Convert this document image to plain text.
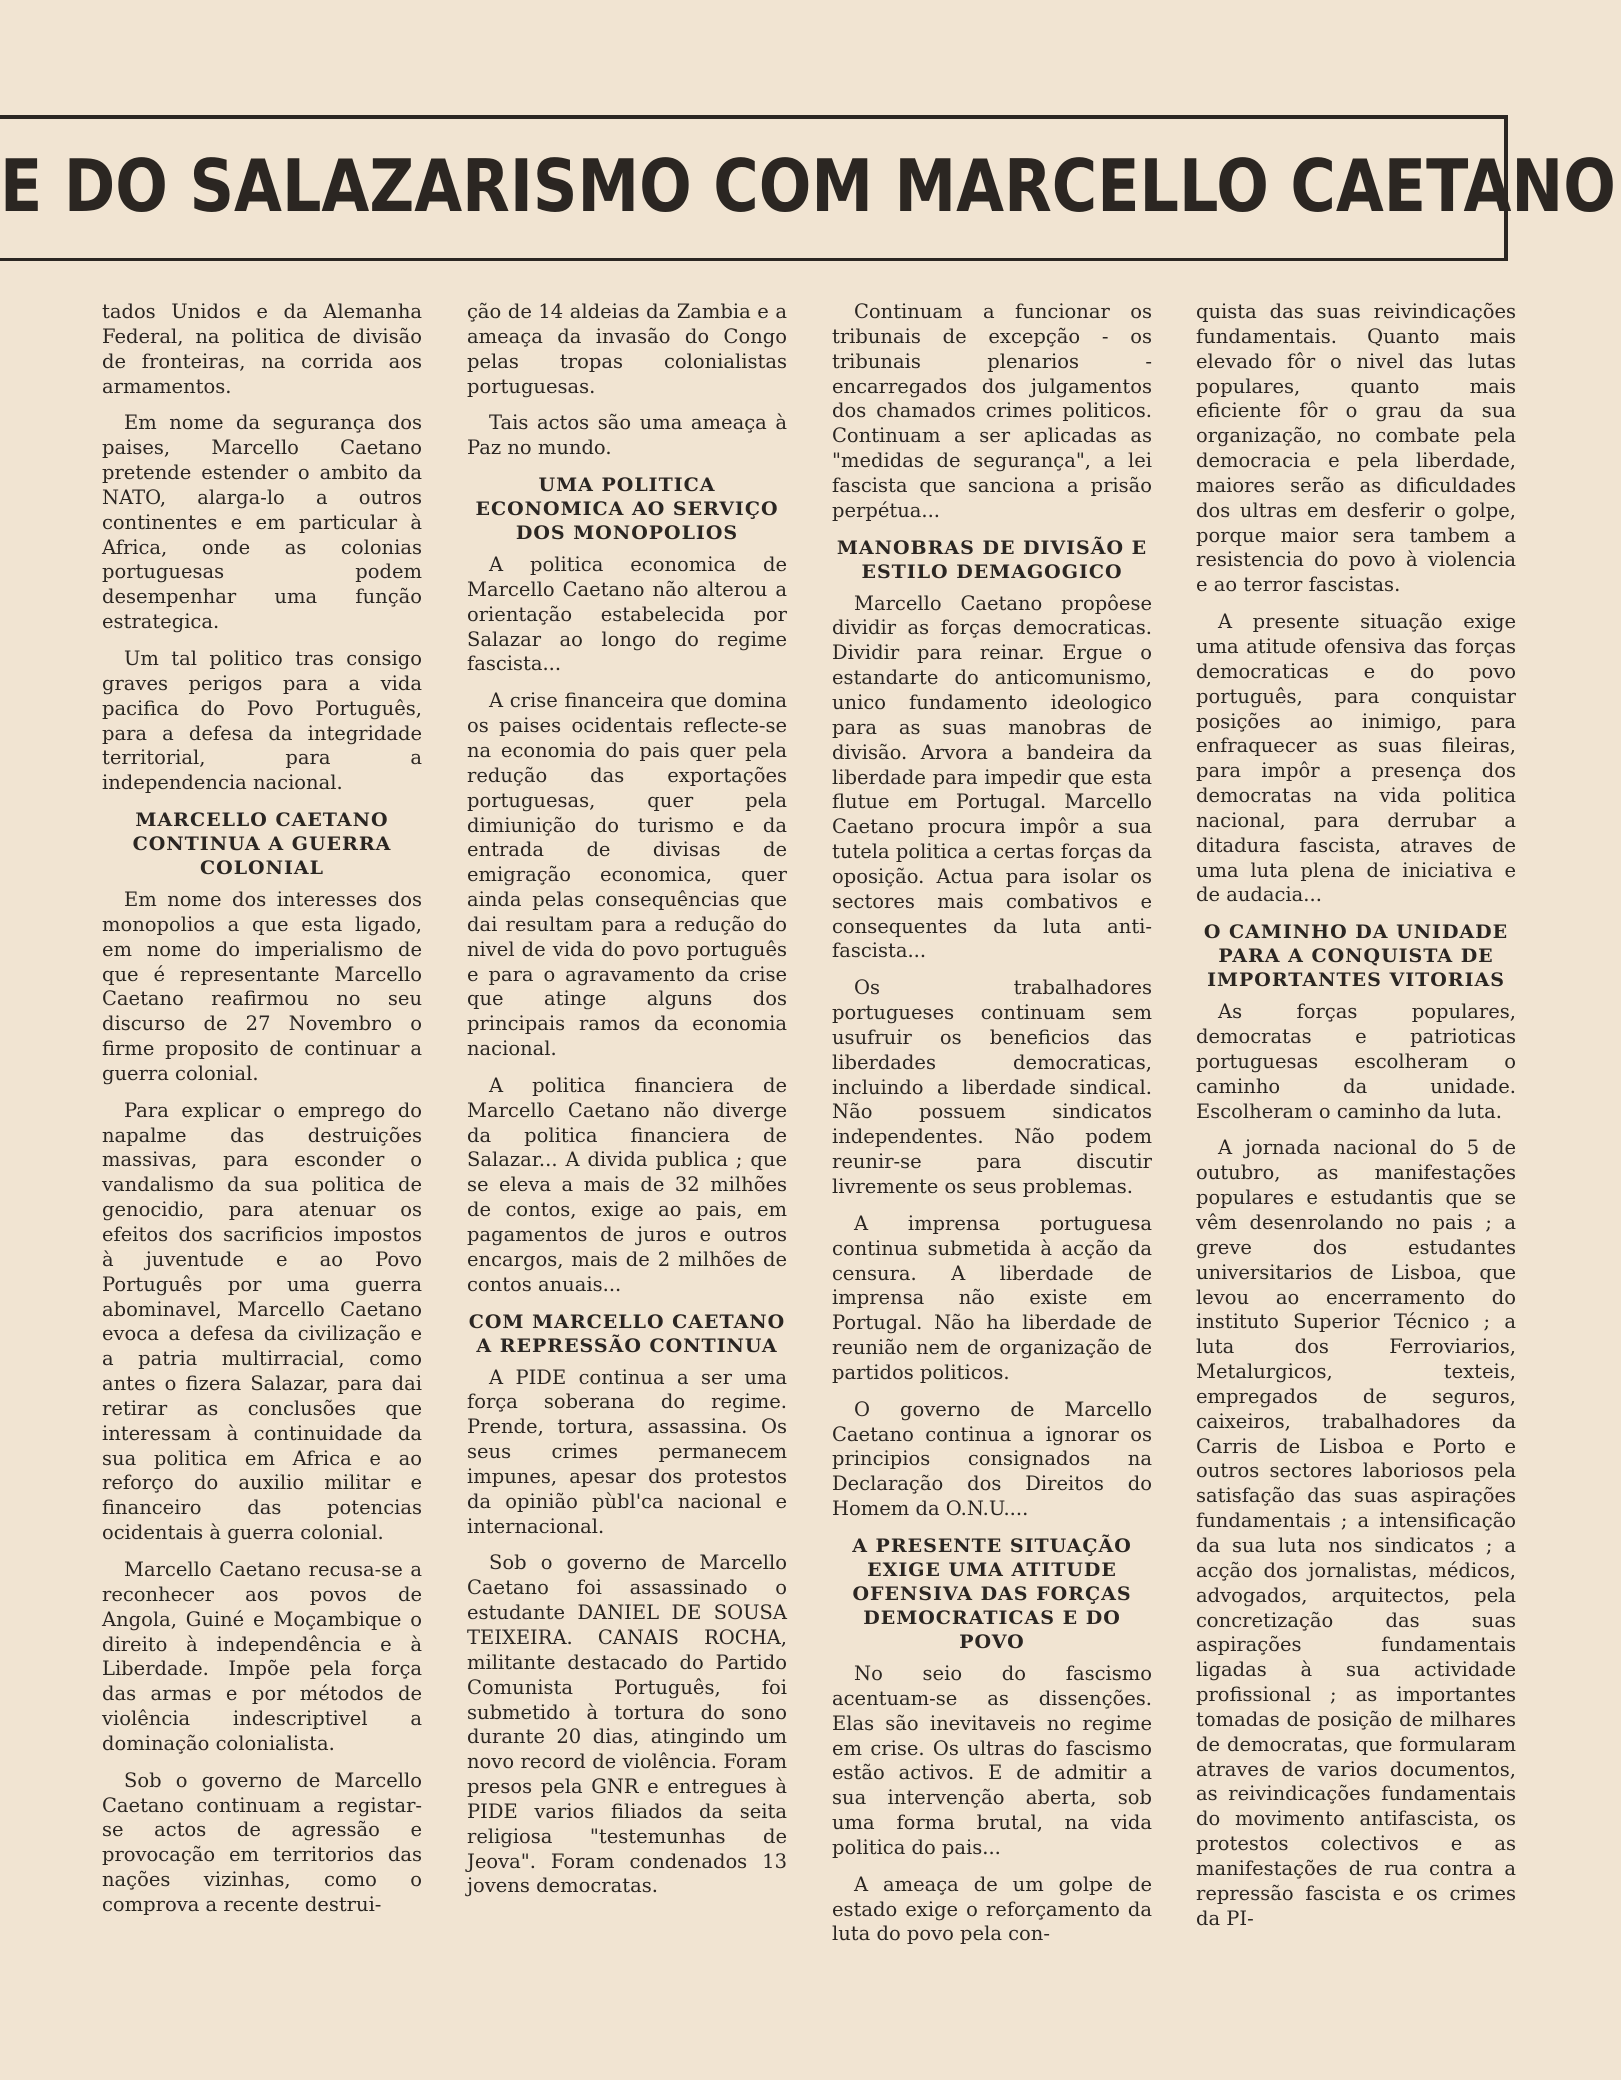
E DO SALAZARISMO COM MARCELLO CAETANO

tados Unidos e da Alemanha Federal, na politica de divisão de fronteiras, na corrida aos armamentos.

Em nome da segurança dos paises, Marcello Caetano pretende estender o ambito da NATO, alarga-lo a outros continentes e em particular à Africa, onde as colonias portuguesas podem desempenhar uma função estrategica.

Um tal politico tras consigo graves perigos para a vida pacifica do Povo Português, para a defesa da integridade territorial, para a independencia nacional.

MARCELLO CAETANO CONTINUA A GUERRA COLONIAL

Em nome dos interesses dos monopolios a que esta ligado, em nome do imperialismo de que é representante Marcello Caetano reafirmou no seu discurso de 27 Novembro o firme proposito de continuar a guerra colonial.

Para explicar o emprego do napalme das destruições massivas, para esconder o vandalismo da sua politica de genocidio, para atenuar os efeitos dos sacrificios impostos à juventude e ao Povo Português por uma guerra abominavel, Marcello Caetano evoca a defesa da civilização e a patria multirracial, como antes o fizera Salazar, para dai retirar as conclusões que interessam à continuidade da sua politica em Africa e ao reforço do auxilio militar e financeiro das potencias ocidentais à guerra colonial.

Marcello Caetano recusa-se a reconhecer aos povos de Angola, Guiné e Moçambique o direito à independência e à Liberdade. Impõe pela força das armas e por métodos de violência indescriptivel a dominação colonialista.

Sob o governo de Marcello Caetano continuam a registar-se actos de agressão e provocação em territorios das nações vizinhas, como o comprova a recente destrui-

ção de 14 aldeias da Zambia e a ameaça da invasão do Congo pelas tropas colonialistas portuguesas.

Tais actos são uma ameaça à Paz no mundo.

UMA POLITICA ECONOMICA AO SERVIÇO DOS MONOPOLIOS

A politica economica de Marcello Caetano não alterou a orientação estabelecida por Salazar ao longo do regime fascista...

A crise financeira que domina os paises ocidentais reflecte-se na economia do pais quer pela redução das exportações portuguesas, quer pela dimiunição do turismo e da entrada de divisas de emigração economica, quer ainda pelas consequências que dai resultam para a redução do nivel de vida do povo português e para o agravamento da crise que atinge alguns dos principais ramos da economia nacional.

A politica financiera de Marcello Caetano não diverge da politica financiera de Salazar... A divida publica ; que se eleva a mais de 32 milhões de contos, exige ao pais, em pagamentos de juros e outros encargos, mais de 2 milhões de contos anuais...

COM MARCELLO CAETANO A REPRESSÃO CONTINUA

A PIDE continua a ser uma força soberana do regime. Prende, tortura, assassina. Os seus crimes permanecem impunes, apesar dos protestos da opinião pùbl'ca nacional e internacional.

Sob o governo de Marcello Caetano foi assassinado o estudante DANIEL DE SOUSA TEIXEIRA. CANAIS ROCHA, militante destacado do Partido Comunista Português, foi submetido à tortura do sono durante 20 dias, atingindo um novo record de violência. Foram presos pela GNR e entregues à PIDE varios filiados da seita religiosa "testemunhas de Jeova". Foram condenados 13 jovens democratas.

Continuam a funcionar os tribunais de excepção - os tribunais plenarios - encarregados dos julgamentos dos chamados crimes politicos. Continuam a ser aplicadas as "medidas de segurança", a lei fascista que sanciona a prisão perpétua...

MANOBRAS DE DIVISÃO E ESTILO DEMAGOGICO

Marcello Caetano propôese dividir as forças democraticas. Dividir para reinar. Ergue o estandarte do anticomunismo, unico fundamento ideologico para as suas manobras de divisão. Arvora a bandeira da liberdade para impedir que esta flutue em Portugal. Marcello Caetano procura impôr a sua tutela politica a certas forças da oposição. Actua para isolar os sectores mais combativos e consequentes da luta anti-fascista...

Os trabalhadores portugueses continuam sem usufruir os beneficios das liberdades democraticas, incluindo a liberdade sindical. Não possuem sindicatos independentes. Não podem reunir-se para discutir livremente os seus problemas.

A imprensa portuguesa continua submetida à acção da censura. A liberdade de imprensa não existe em Portugal. Não ha liberdade de reunião nem de organização de partidos politicos.

O governo de Marcello Caetano continua a ignorar os principios consignados na Declaração dos Direitos do Homem da O.N.U....

A PRESENTE SITUAÇÃO EXIGE UMA ATITUDE OFENSIVA DAS FORÇAS DEMOCRATICAS E DO POVO

No seio do fascismo acentuam-se as dissenções. Elas são inevitaveis no regime em crise. Os ultras do fascismo estão activos. E de admitir a sua intervenção aberta, sob uma forma brutal, na vida politica do pais...

A ameaça de um golpe de estado exige o reforçamento da luta do povo pela con-

quista das suas reivindicações fundamentais. Quanto mais elevado fôr o nivel das lutas populares, quanto mais eficiente fôr o grau da sua organização, no combate pela democracia e pela liberdade, maiores serão as dificuldades dos ultras em desferir o golpe, porque maior sera tambem a resistencia do povo à violencia e ao terror fascistas.

A presente situação exige uma atitude ofensiva das forças democraticas e do povo português, para conquistar posições ao inimigo, para enfraquecer as suas fileiras, para impôr a presença dos democratas na vida politica nacional, para derrubar a ditadura fascista, atraves de uma luta plena de iniciativa e de audacia...

O CAMINHO DA UNIDADE PARA A CONQUISTA DE IMPORTANTES VITORIAS

As forças populares, democratas e patrioticas portuguesas escolheram o caminho da unidade. Escolheram o caminho da luta.

A jornada nacional do 5 de outubro, as manifestações populares e estudantis que se vêm desenrolando no pais ; a greve dos estudantes universitarios de Lisboa, que levou ao encerramento do instituto Superior Técnico ; a luta dos Ferroviarios, Metalurgicos, texteis, empregados de seguros, caixeiros, trabalhadores da Carris de Lisboa e Porto e outros sectores laboriosos pela satisfação das suas aspirações fundamentais ; a intensificação da sua luta nos sindicatos ; a acção dos jornalistas, médicos, advogados, arquitectos, pela concretização das suas aspirações fundamentais ligadas à sua actividade profissional ; as importantes tomadas de posição de milhares de democratas, que formularam atraves de varios documentos, as reivindicações fundamentais do movimento antifascista, os protestos colectivos e as manifestações de rua contra a repressão fascista e os crimes da PI-
